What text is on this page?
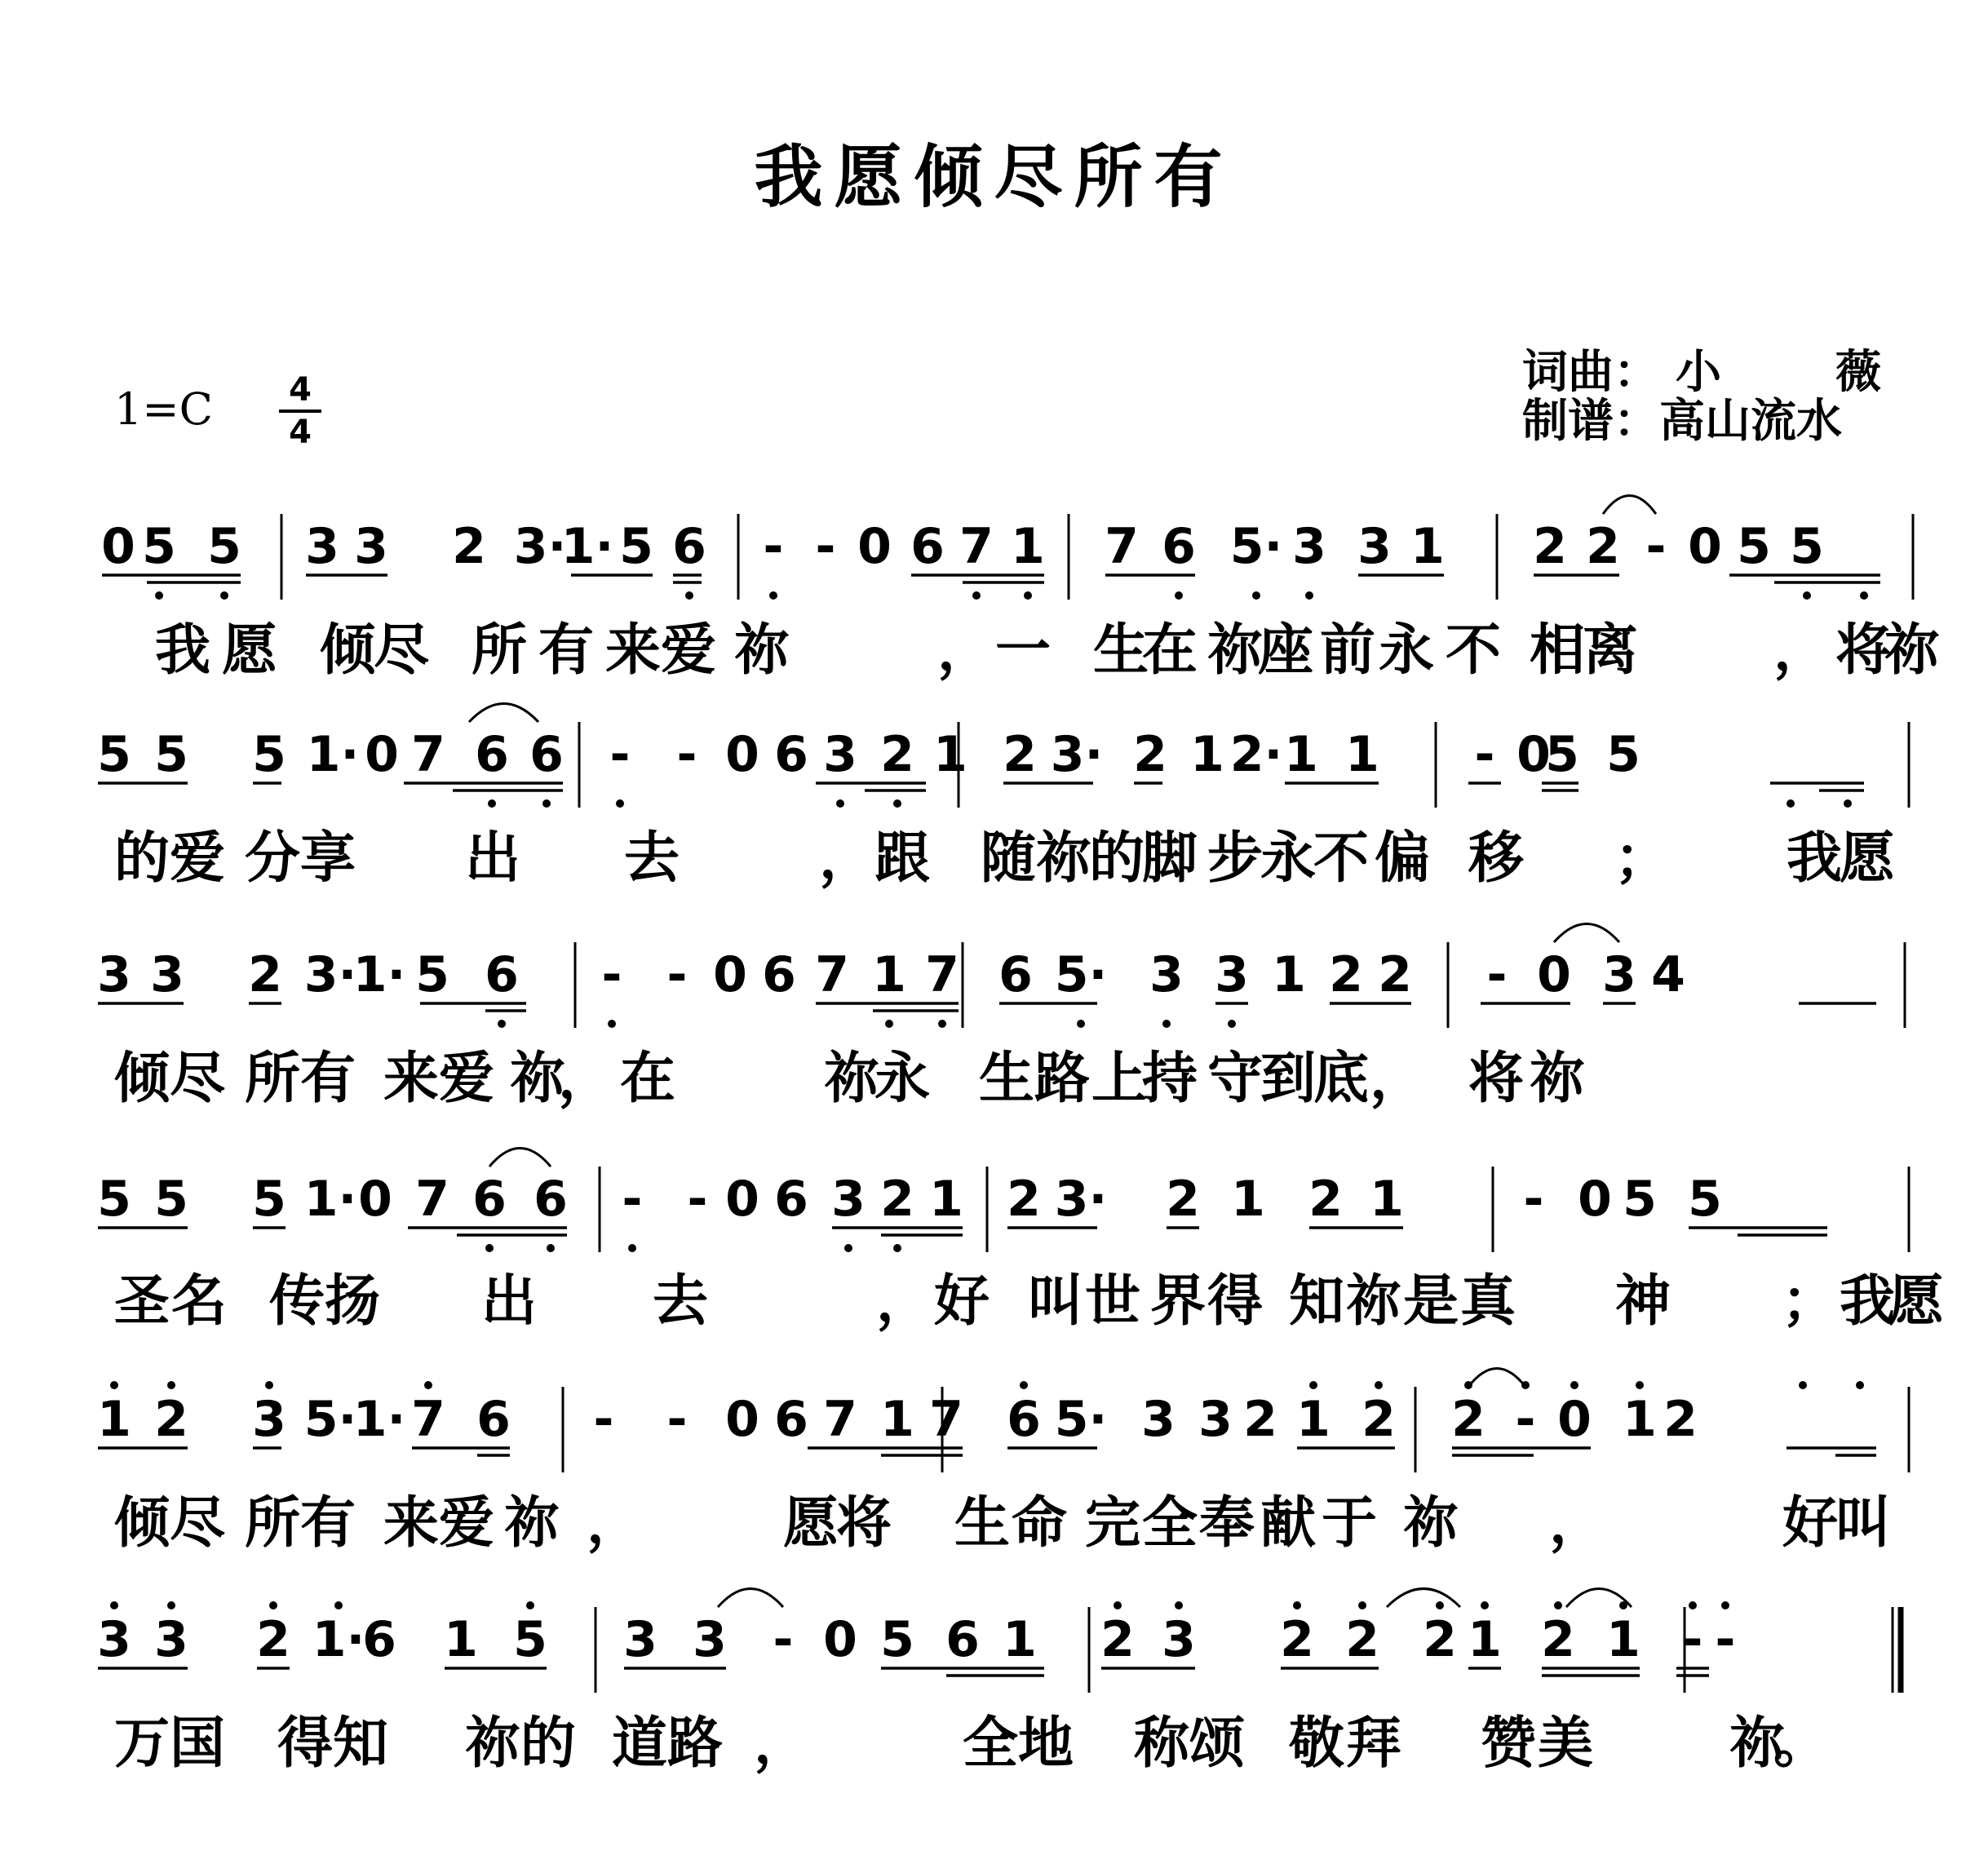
我愿倾尽所有
1=C	4
4
词曲： 小	薇
制谱：高山流水
0 5 5 3 3 2 3·
1· 5 6 - - 0 6 7 1 7 6 5· 3 3 1 2 2 - 0 5 5
我 愿 倾
尽 所 有 来 爱 祢	， 一 生
在 祢
座 前 永 不 相
离 ， 将
祢
5 5 5 1· 0 7 6 6 - - 0 6 3 2 1 2 3· 2 1 2· 1 1 - 0
5 5
的 爱 分 享 出 去	， 跟 随 祢
的
脚 步
永
不 偏 移 ； 我
愿
3 3 2 3·
1· 5 6 - - 0 6 7 1 7 6 5· 3 3 1 2 2 - 0 3 4
倾 尽 所 有 来 爱 祢
， 在	祢
永 生 路 上
持 守
到
底 ， 将 祢
5 5 5 1· 0 7 6 6 - - 0 6 3 2 1 2 3· 2 1 2 1 - 0 5 5
圣 名 传 扬 出 去	， 好 叫 世 界 得 知 祢 是 真 神 ； 我
愿
1 2 3 5·
1· 7 6 - - 0 6 7 1 7 6 5· 3 3 2 1 2 2 - 0 1 2
倾 尽 所 有 来 爱 祢 ，	愿
将 生 命 完 全 奉 献 于 祢 ，	好
叫
3 3 2 1·
6 1 5 3 3 - 0 5 6 1 2 3 2 2 2 1 2 1 - -
万 国 得 知 祢 的 道 路 ，	全 地 称 颂 敬 拜 赞 美 祢
。
